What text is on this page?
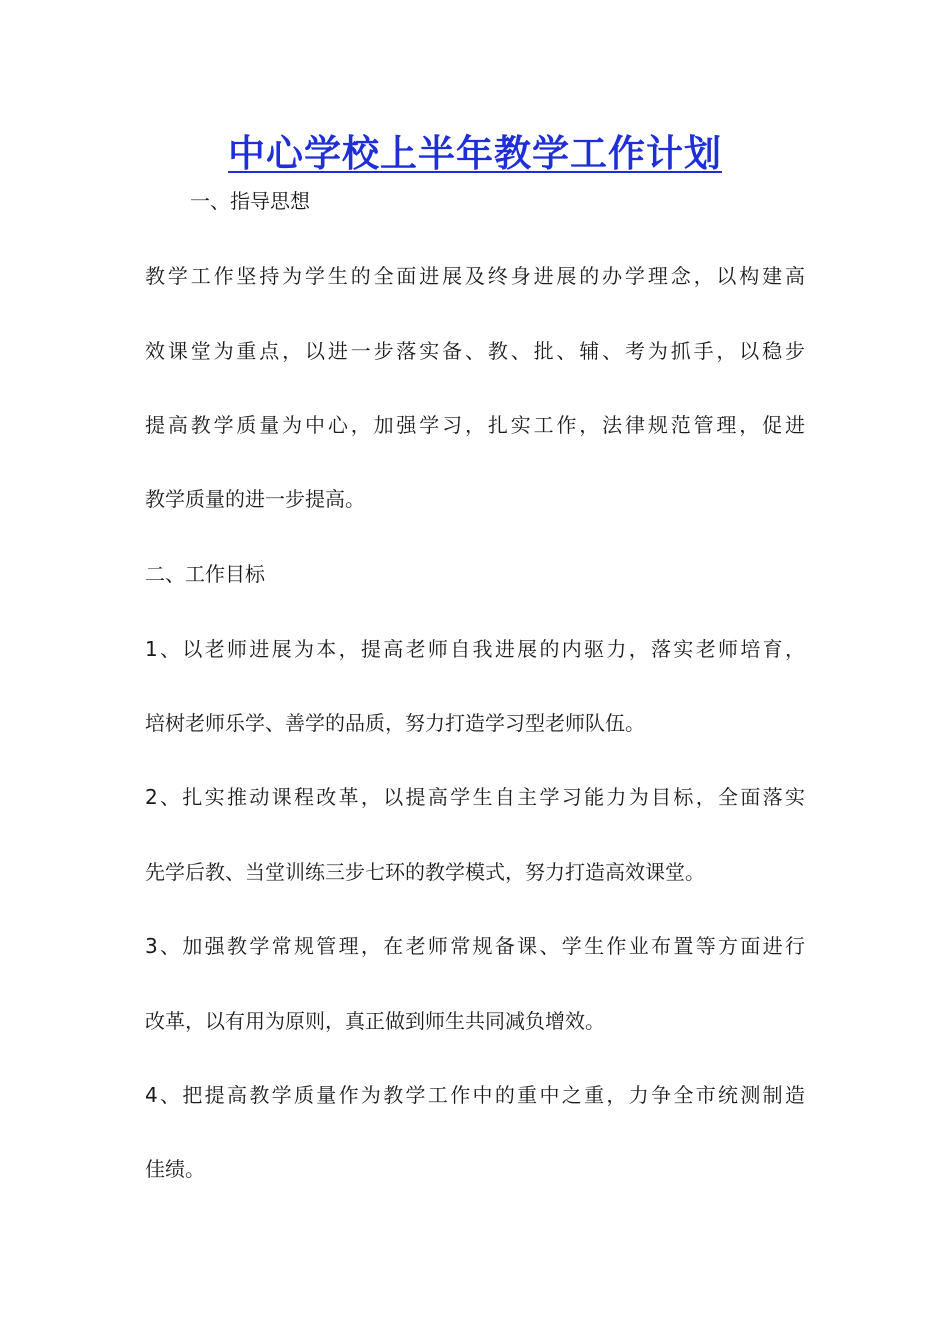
中心学校上半年教学工作计划
一、指导思想
教学工作坚持为学生的全面进展及终身进展的办学理念，以构建高
效课堂为重点，以进一步落实备、教、批、辅、考为抓手，以稳步
提高教学质量为中心，加强学习，扎实工作，法律规范管理，促进
教学质量的进一步提高。
二、工作目标
1、以老师进展为本，提高老师自我进展的内驱力，落实老师培育，
培树老师乐学、善学的品质，努力打造学习型老师队伍。
2、扎实推动课程改革，以提高学生自主学习能力为目标，全面落实
先学后教、当堂训练三步七环的教学模式，努力打造高效课堂。
3、加强教学常规管理，在老师常规备课、学生作业布置等方面进行
改革，以有用为原则，真正做到师生共同减负增效。
4、把提高教学质量作为教学工作中的重中之重，力争全市统测制造
佳绩。
